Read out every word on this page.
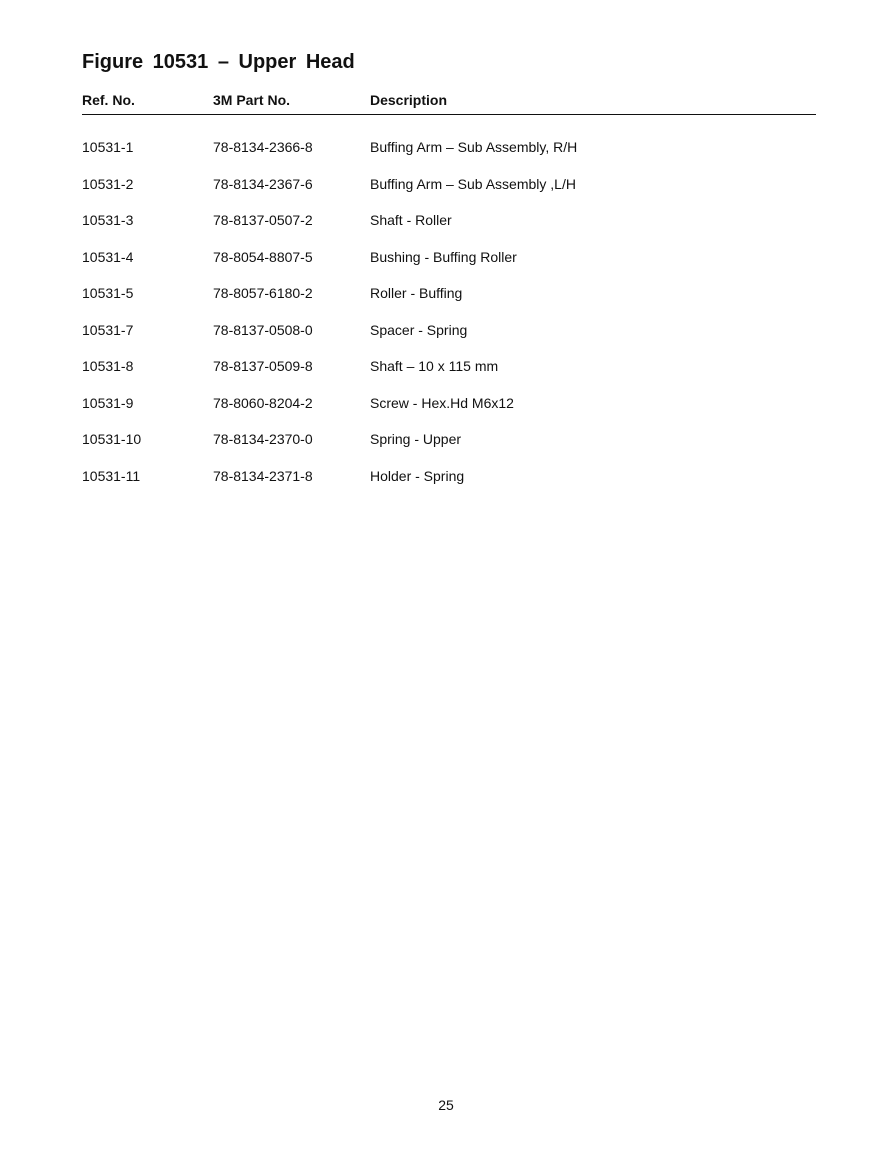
Figure 10531 – Upper Head
Ref. No.	3M Part No.	Description
10531-1	78-8134-2366-8	Buffing Arm – Sub Assembly, R/H
10531-2	78-8134-2367-6	Buffing Arm – Sub Assembly ,L/H
10531-3	78-8137-0507-2	Shaft - Roller
10531-4	78-8054-8807-5	Bushing - Buffing Roller
10531-5	78-8057-6180-2	Roller - Buffing
10531-7	78-8137-0508-0	Spacer - Spring
10531-8	78-8137-0509-8	Shaft – 10 x 115 mm
10531-9	78-8060-8204-2	Screw - Hex.Hd M6x12
10531-10	78-8134-2370-0	Spring - Upper
10531-11	78-8134-2371-8	Holder - Spring
25
